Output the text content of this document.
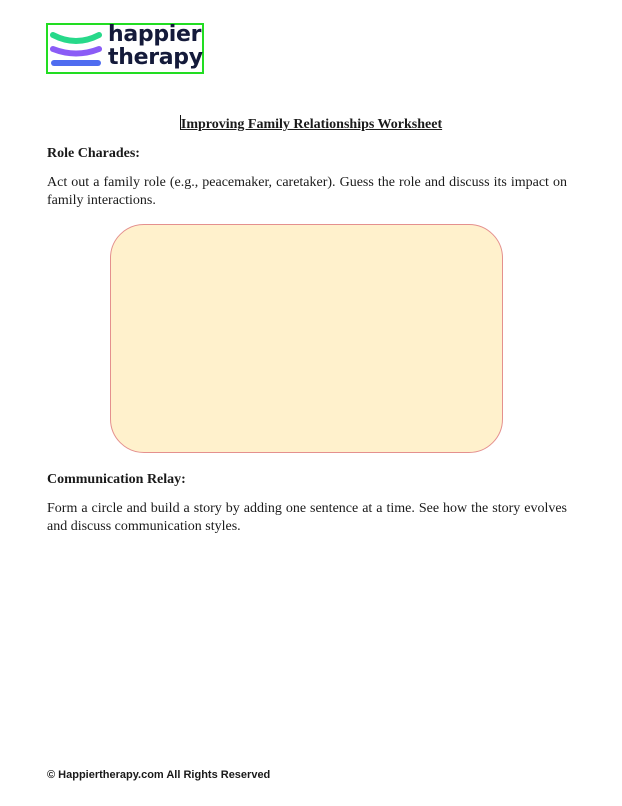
happier
therapy
Improving Family Relationships Worksheet
Role Charades:
Act out a family role (e.g., peacemaker, caretaker). Guess the role and discuss its impact on family interactions.
Communication Relay:
Form a circle and build a story by adding one sentence at a time. See how the story evolves and discuss communication styles.
© Happiertherapy.com All Rights Reserved
